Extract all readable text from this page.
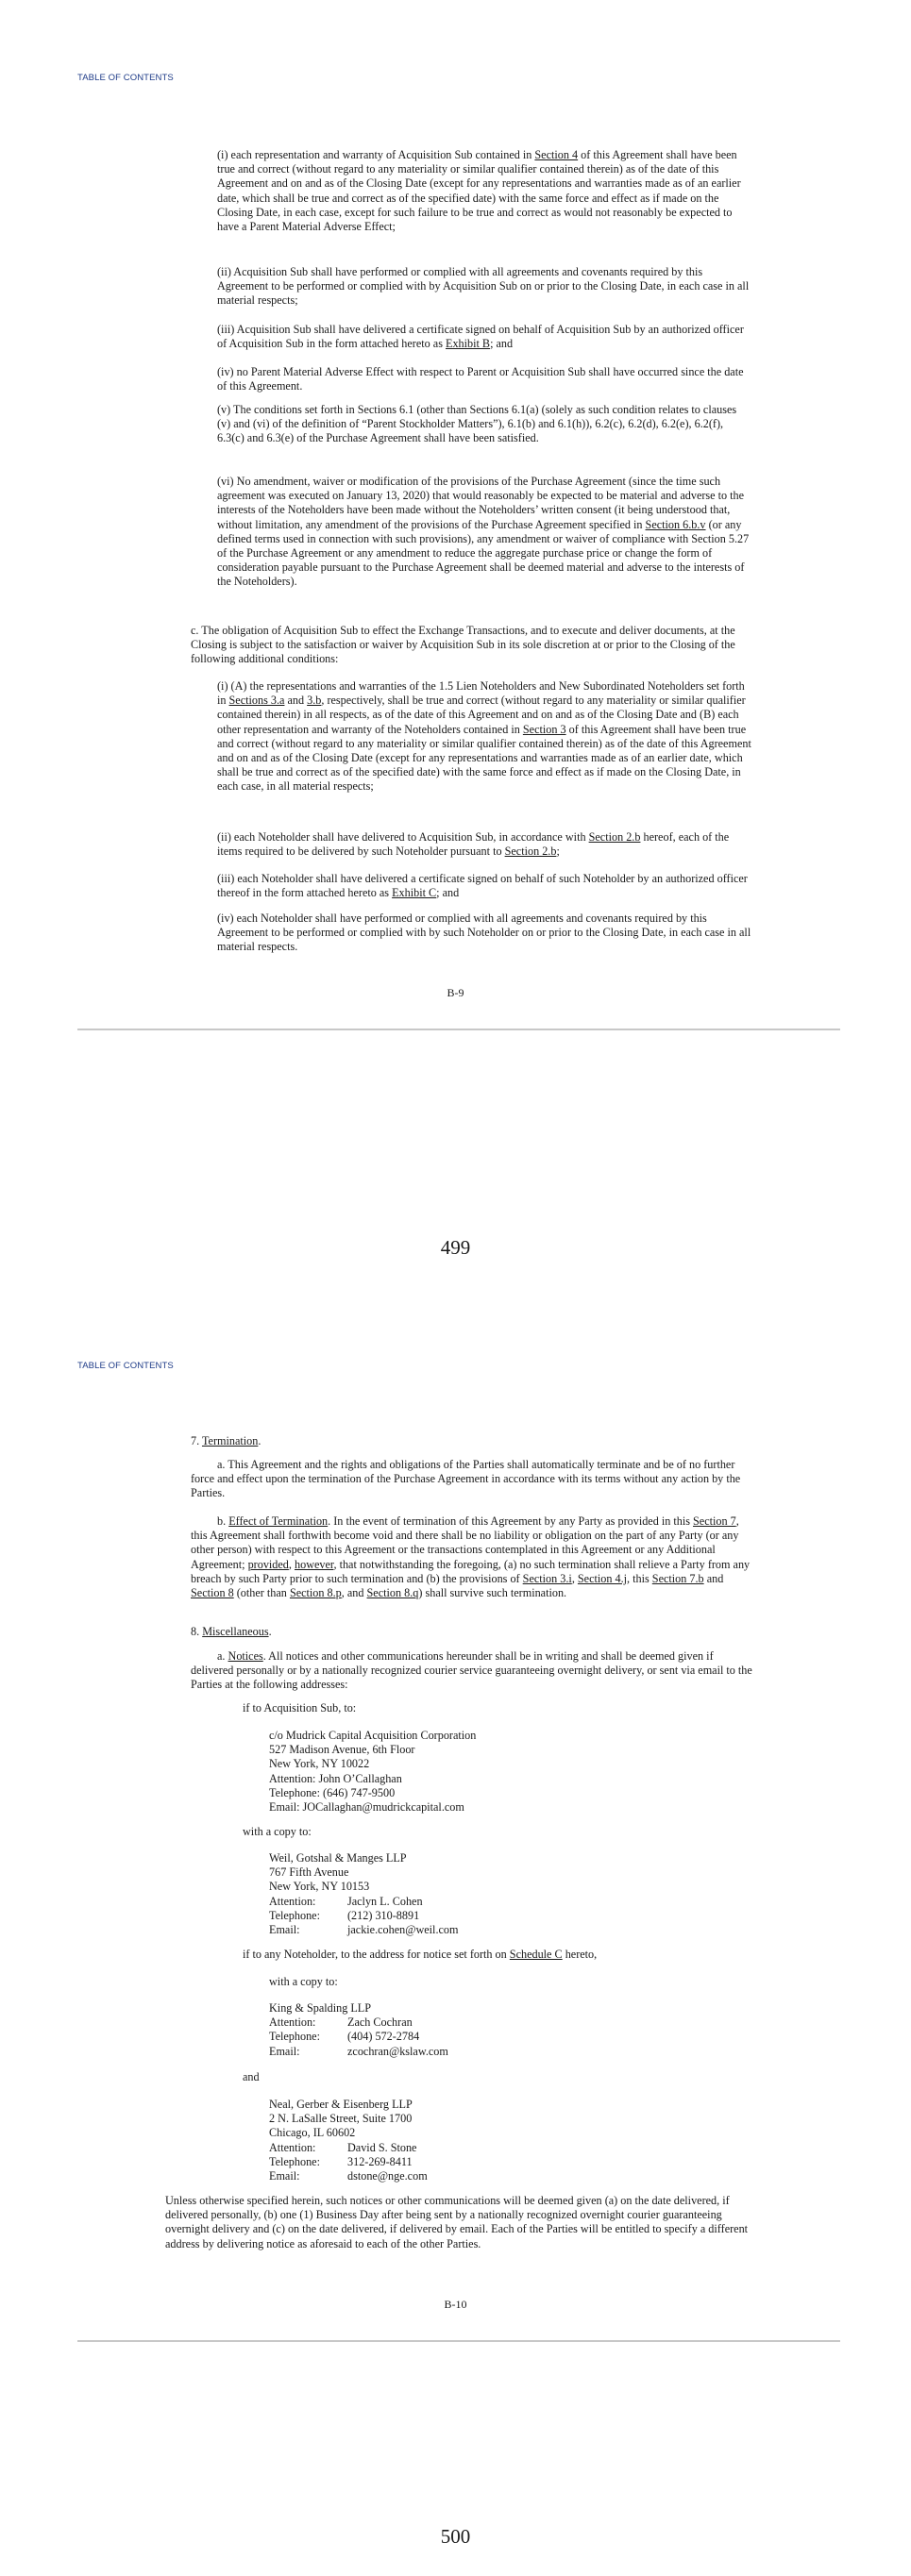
TABLE OF CONTENTS

(i) each representation and warranty of Acquisition Sub contained in Section 4 of this Agreement shall have been true and correct (without regard to any materiality or similar qualifier contained therein) as of the date of this Agreement and on and as of the Closing Date (except for any representations and warranties made as of an earlier date, which shall be true and correct as of the specified date) with the same force and effect as if made on the Closing Date, in each case, except for such failure to be true and correct as would not reasonably be expected to have a Parent Material Adverse Effect;

(ii) Acquisition Sub shall have performed or complied with all agreements and covenants required by this Agreement to be performed or complied with by Acquisition Sub on or prior to the Closing Date, in each case in all material respects;

(iii) Acquisition Sub shall have delivered a certificate signed on behalf of Acquisition Sub by an authorized officer of Acquisition Sub in the form attached hereto as Exhibit B; and

(iv) no Parent Material Adverse Effect with respect to Parent or Acquisition Sub shall have occurred since the date of this Agreement.

(v) The conditions set forth in Sections 6.1 (other than Sections 6.1(a) (solely as such condition relates to clauses (v) and (vi) of the definition of “Parent Stockholder Matters”), 6.1(b) and 6.1(h)), 6.2(c), 6.2(d), 6.2(e), 6.2(f), 6.3(c) and 6.3(e) of the Purchase Agreement shall have been satisfied.

(vi) No amendment, waiver or modification of the provisions of the Purchase Agreement (since the time such agreement was executed on January 13, 2020) that would reasonably be expected to be material and adverse to the interests of the Noteholders have been made without the Noteholders’ written consent (it being understood that, without limitation, any amendment of the provisions of the Purchase Agreement specified in Section 6.b.v (or any defined terms used in connection with such provisions), any amendment or waiver of compliance with Section 5.27 of the Purchase Agreement or any amendment to reduce the aggregate purchase price or change the form of consideration payable pursuant to the Purchase Agreement shall be deemed material and adverse to the interests of the Noteholders).

c. The obligation of Acquisition Sub to effect the Exchange Transactions, and to execute and deliver documents, at the Closing is subject to the satisfaction or waiver by Acquisition Sub in its sole discretion at or prior to the Closing of the following additional conditions:

(i) (A) the representations and warranties of the 1.5 Lien Noteholders and New Subordinated Noteholders set forth in Sections 3.a and 3.b, respectively, shall be true and correct (without regard to any materiality or similar qualifier contained therein) in all respects, as of the date of this Agreement and on and as of the Closing Date and (B) each other representation and warranty of the Noteholders contained in Section 3 of this Agreement shall have been true and correct (without regard to any materiality or similar qualifier contained therein) as of the date of this Agreement and on and as of the Closing Date (except for any representations and warranties made as of an earlier date, which shall be true and correct as of the specified date) with the same force and effect as if made on the Closing Date, in each case, in all material respects;

(ii) each Noteholder shall have delivered to Acquisition Sub, in accordance with Section 2.b hereof, each of the items required to be delivered by such Noteholder pursuant to Section 2.b;

(iii) each Noteholder shall have delivered a certificate signed on behalf of such Noteholder by an authorized officer thereof in the form attached hereto as Exhibit C; and

(iv) each Noteholder shall have performed or complied with all agreements and covenants required by this Agreement to be performed or complied with by such Noteholder on or prior to the Closing Date, in each case in all material respects.

B-9
499
TABLE OF CONTENTS

7. Termination.

a. This Agreement and the rights and obligations of the Parties shall automatically terminate and be of no further force and effect upon the termination of the Purchase Agreement in accordance with its terms without any action by the Parties.

b. Effect of Termination. In the event of termination of this Agreement by any Party as provided in this Section 7, this Agreement shall forthwith become void and there shall be no liability or obligation on the part of any Party (or any other person) with respect to this Agreement or the transactions contemplated in this Agreement or any Additional Agreement; provided, however, that notwithstanding the foregoing, (a) no such termination shall relieve a Party from any breach by such Party prior to such termination and (b) the provisions of Section 3.i, Section 4.j, this Section 7.b and Section 8 (other than Section 8.p, and Section 8.q) shall survive such termination.

8. Miscellaneous.

a. Notices. All notices and other communications hereunder shall be in writing and shall be deemed given if delivered personally or by a nationally recognized courier service guaranteeing overnight delivery, or sent via email to the Parties at the following addresses:

if to Acquisition Sub, to:

c/o Mudrick Capital Acquisition Corporation
527 Madison Avenue, 6th Floor
New York, NY 10022
Attention: John O’Callaghan
Telephone: (646) 747-9500
Email: JOCallaghan@mudrickcapital.com

with a copy to:

Weil, Gotshal & Manges LLP
767 Fifth Avenue
New York, NY 10153
Attention:	Jaclyn L. Cohen
Telephone: (212) 310-8891
Email:	jackie.cohen@weil.com

if to any Noteholder, to the address for notice set forth on Schedule C hereto,

with a copy to:

King & Spalding LLP
Attention:	Zach Cochran
Telephone: (404) 572-2784
Email:	zcochran@kslaw.com

and

Neal, Gerber & Eisenberg LLP
2 N. LaSalle Street, Suite 1700
Chicago, IL 60602
Attention:	David S. Stone
Telephone: 312-269-8411
Email:	dstone@nge.com

Unless otherwise specified herein, such notices or other communications will be deemed given (a) on the date delivered, if delivered personally, (b) one (1) Business Day after being sent by a nationally recognized overnight courier guaranteeing overnight delivery and (c) on the date delivered, if delivered by email. Each of the Parties will be entitled to specify a different address by delivering notice as aforesaid to each of the other Parties.

B-10
500
